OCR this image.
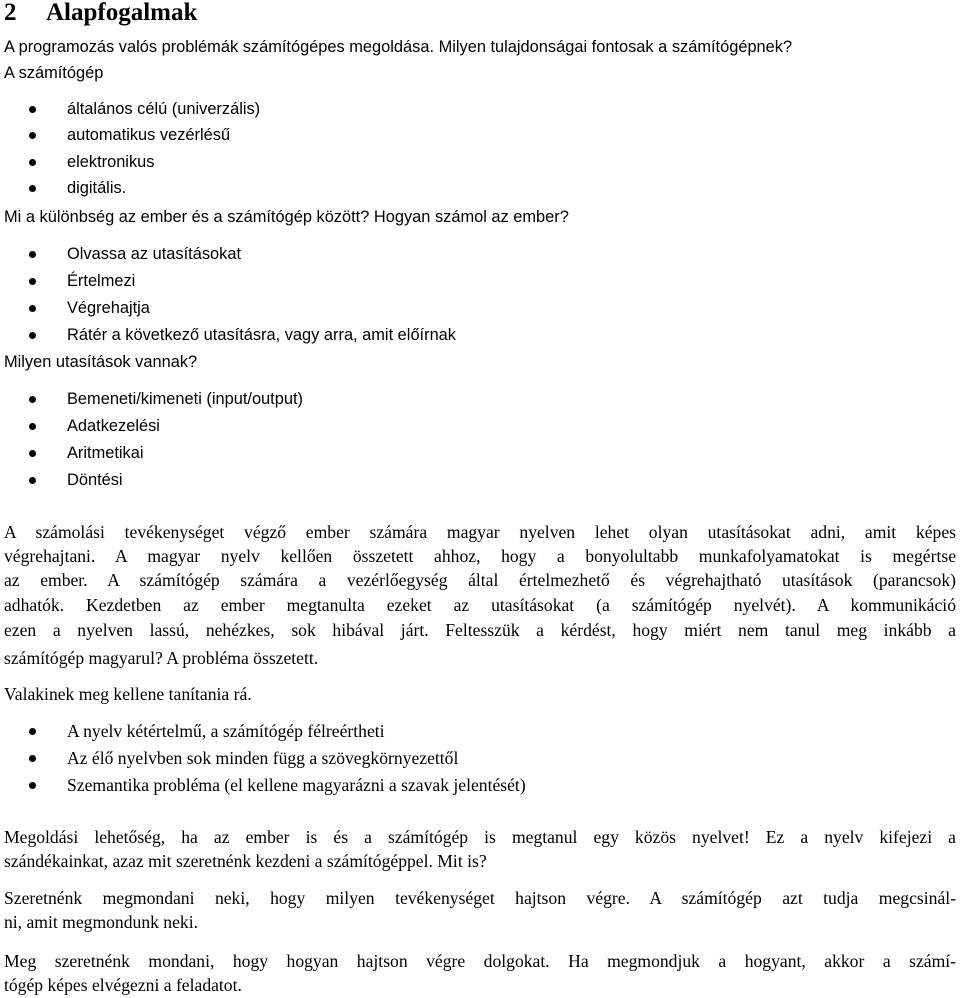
2 Alapfogalmak
A programozás valós problémák számítógépes megoldása. Milyen tulajdonságai fontosak a számítógépnek?
A számítógép
általános célú (univerzális)
automatikus vezérlésű
elektronikus
digitális.
Mi a különbség az ember és a számítógép között? Hogyan számol az ember?
Olvassa az utasításokat
Értelmezi
Végrehajtja
Rátér a következő utasításra, vagy arra, amit előírnak
Milyen utasítások vannak?
Bemeneti/kimeneti (input/output)
Adatkezelési
Aritmetikai
Döntési
A számolási tevékenységet végző ember számára magyar nyelven lehet olyan utasításokat adni, amit képes
végrehajtani. A magyar nyelv kellően összetett ahhoz, hogy a bonyolultabb munkafolyamatokat is megértse
az ember. A számítógép számára a vezérlőegység által értelmezhető és végrehajtható utasítások (parancsok)
adhatók. Kezdetben az ember megtanulta ezeket az utasításokat (a számítógép nyelvét). A kommunikáció
ezen a nyelven lassú, nehézkes, sok hibával járt. Feltesszük a kérdést, hogy miért nem tanul meg inkább a
számítógép magyarul? A probléma összetett.
Valakinek meg kellene tanítania rá.
A nyelv kétértelmű, a számítógép félreértheti
Az élő nyelvben sok minden függ a szövegkörnyezettől
Szemantika probléma (el kellene magyarázni a szavak jelentését)
Megoldási lehetőség, ha az ember is és a számítógép is megtanul egy közös nyelvet! Ez a nyelv kifejezi a
szándékainkat, azaz mit szeretnénk kezdeni a számítógéppel. Mit is?
Szeretnénk megmondani neki, hogy milyen tevékenységet hajtson végre. A számítógép azt tudja megcsinál-
ni, amit megmondunk neki.
Meg szeretnénk mondani, hogy hogyan hajtson végre dolgokat. Ha megmondjuk a hogyant, akkor a számí-
tógép képes elvégezni a feladatot.
